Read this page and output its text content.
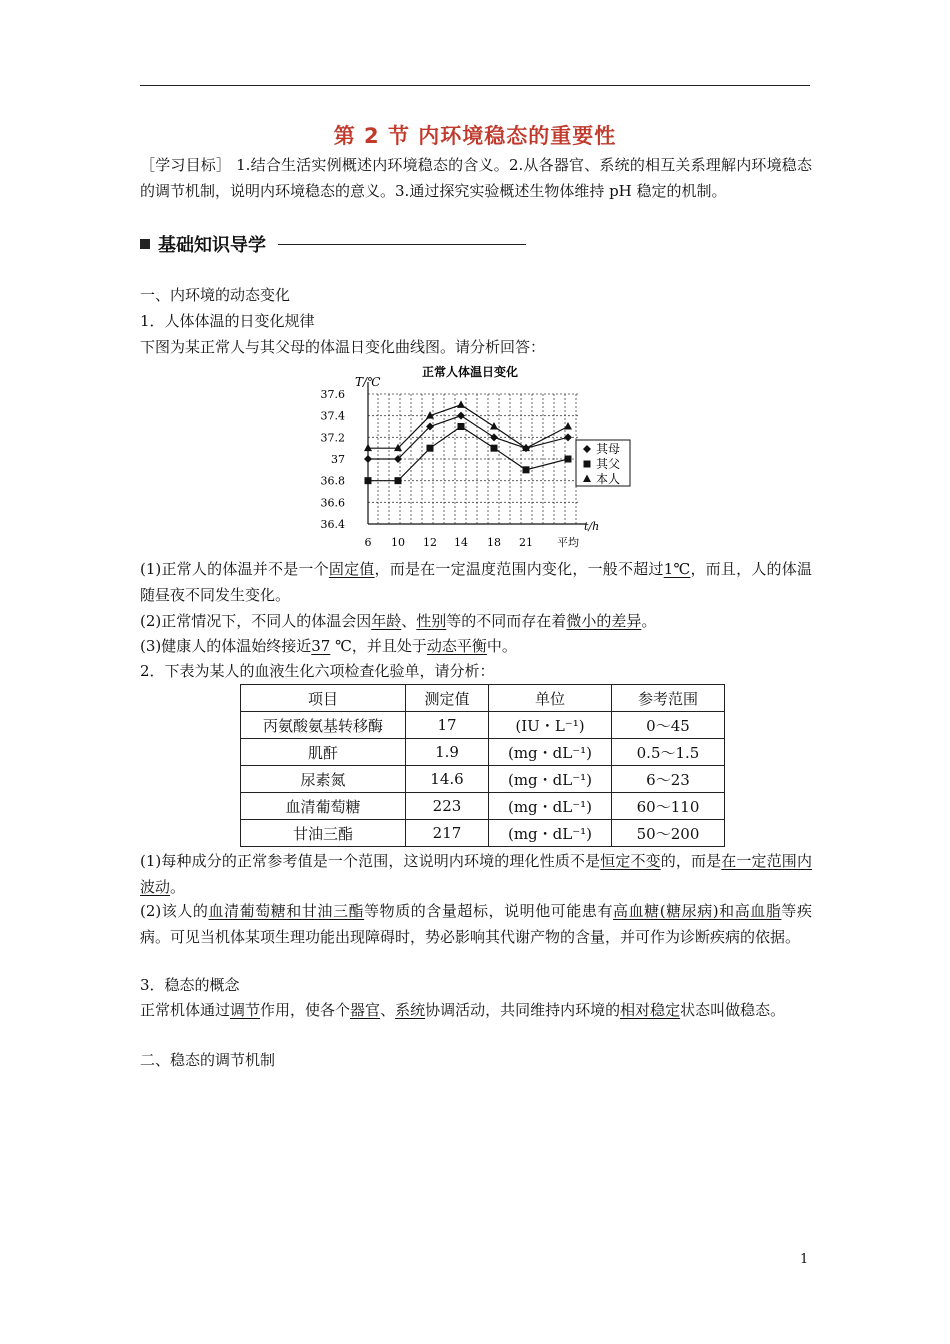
第 2 节 内环境稳态的重要性
［学习目标］ 1.结合生活实例概述内环境稳态的含义。2.从各器官、系统的相互关系理解内环境稳态的调节机制，说明内环境稳态的意义。3.通过探究实验概述生物体维持 pH 稳定的机制。
基础知识导学
一、内环境的动态变化
1．人体体温的日变化规律
下图为某正常人与其父母的体温日变化曲线图。请分析回答：
正常人体温日变化
T/℃
t/h
36.4
36.6
36.8
37
37.2
37.4
37.6
6 10 12 14 18 21 平均
其母
其父
本人
(1)正常人的体温并不是一个固定值，而是在一定温度范围内变化，一般不超过1℃，而且，人的体温随昼夜不同发生变化。
(2)正常情况下，不同人的体温会因年龄、性别等的不同而存在着微小的差异。
(3)健康人的体温始终接近37 ℃，并且处于动态平衡中。
2．下表为某人的血液生化六项检查化验单，请分析：
项目	测定值	单位	参考范围
丙氨酸氨基转移酶	17	(IU・L⁻¹)	0～45
肌酐	1.9	(mg・dL⁻¹)	0.5～1.5
尿素氮	14.6	(mg・dL⁻¹)	6～23
血清葡萄糖	223	(mg・dL⁻¹)	60～110
甘油三酯	217	(mg・dL⁻¹)	50～200
(1)每种成分的正常参考值是一个范围，这说明内环境的理化性质不是恒定不变的，而是在一定范围内波动。
(2)该人的血清葡萄糖和甘油三酯等物质的含量超标，说明他可能患有高血糖(糖尿病)和高血脂等疾病。可见当机体某项生理功能出现障碍时，势必影响其代谢产物的含量，并可作为诊断疾病的依据。
3．稳态的概念
正常机体通过调节作用，使各个器官、系统协调活动，共同维持内环境的相对稳定状态叫做稳态。
二、稳态的调节机制
1
